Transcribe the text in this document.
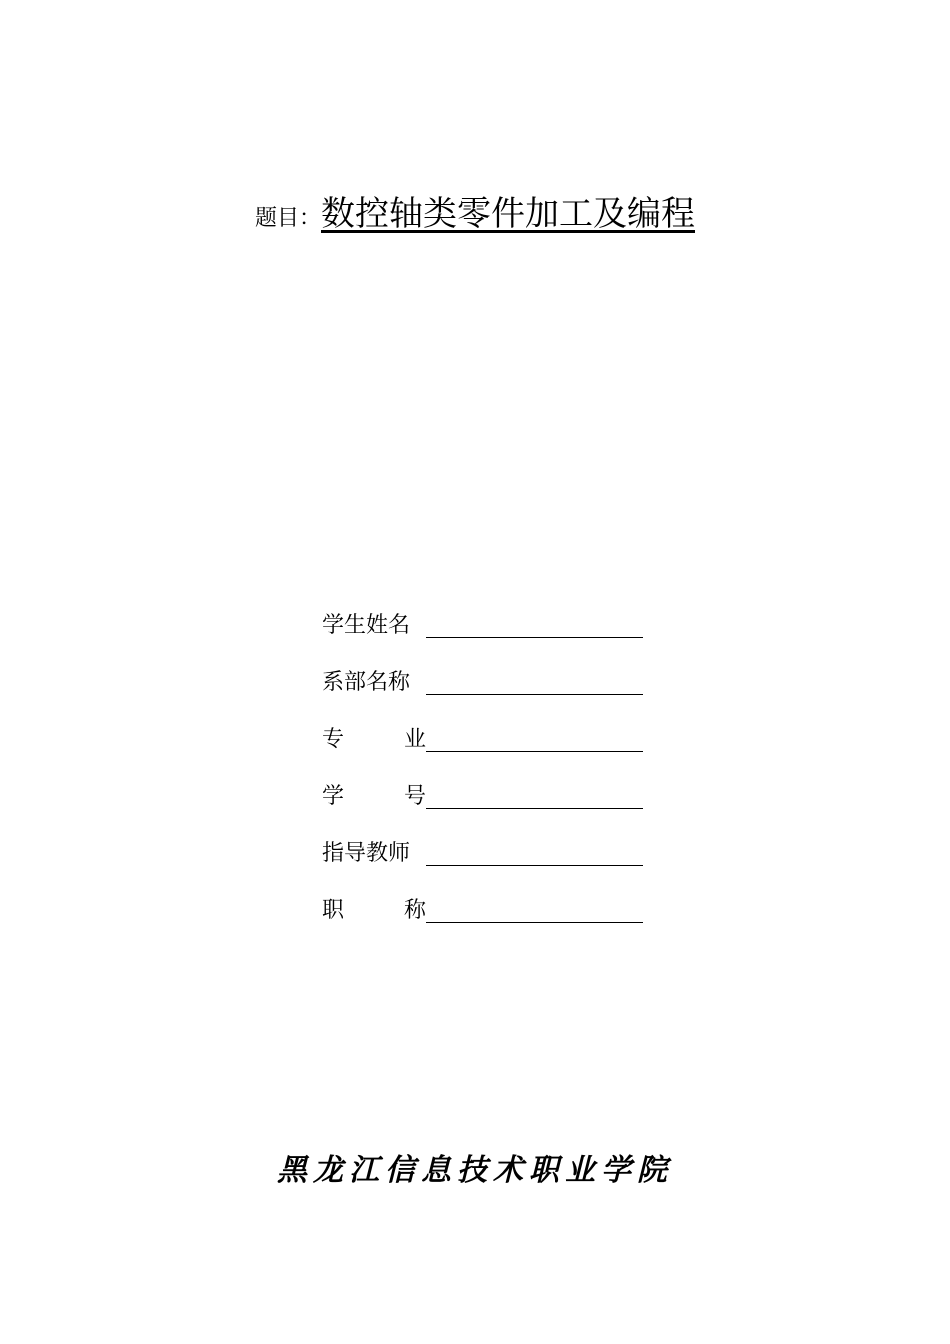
题目：数控轴类零件加工及编程
学生姓名
系部名称
专	业
学	号
指导教师
职	称
黑龙江信息技术职业学院
